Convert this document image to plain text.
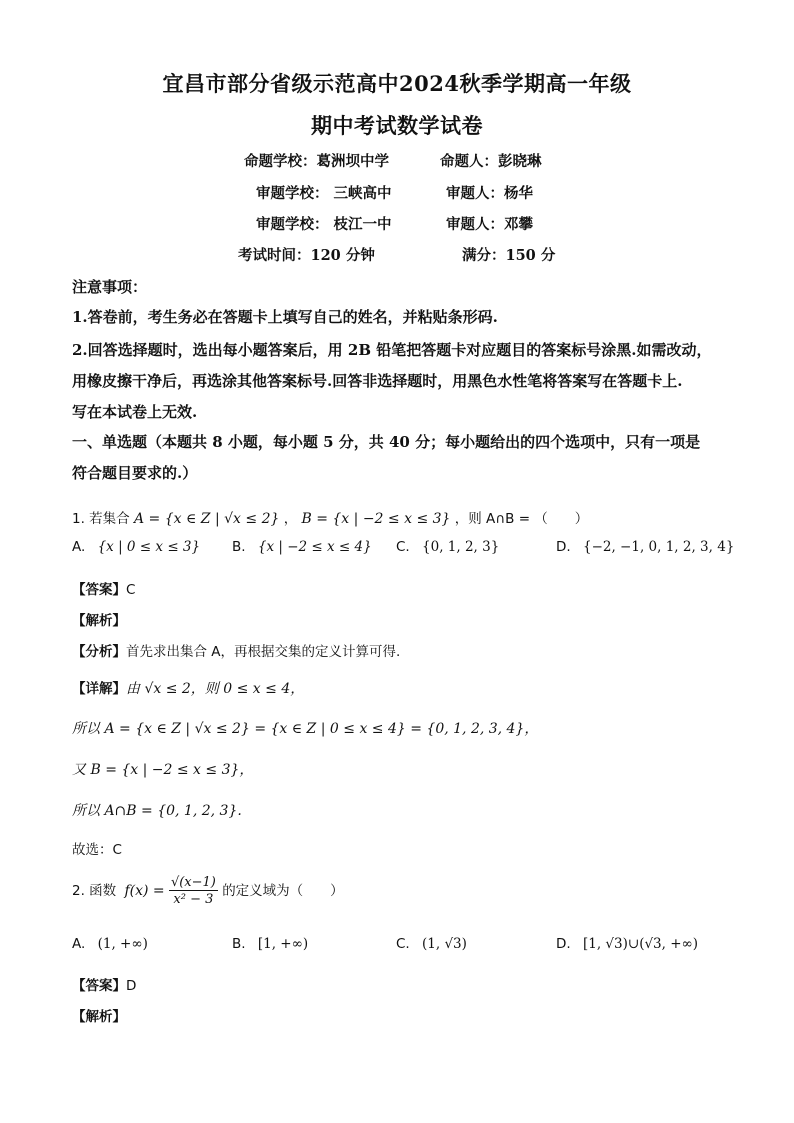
宜昌市部分省级示范高中2024秋季学期高一年级
期中考试数学试卷
命题学校：葛洲坝中学	命题人：彭晓琳
审题学校： 三峡高中	审题人：杨华
审题学校： 枝江一中	审题人：邓攀
考试时间：120 分钟	满分：150 分
注意事项：
1.答卷前，考生务必在答题卡上填写自己的姓名，并粘贴条形码.
2.回答选择题时，选出每小题答案后，用 2B 铅笔把答题卡对应题目的答案标号涂黑.如需改动，
用橡皮擦干净后，再选涂其他答案标号.回答非选择题时，用黑色水性笔将答案写在答题卡上.
写在本试卷上无效.
一、单选题（本题共 8 小题，每小题 5 分，共 40 分；每小题给出的四个选项中，只有一项是
符合题目要求的.）
1. 若集合 A = {x ∈ Z | √x ≤ 2} ， B = {x | −2 ≤ x ≤ 3} ，则 A∩B = （　　）
A. {x | 0 ≤ x ≤ 3} B. {x | −2 ≤ x ≤ 4} C. {0, 1, 2, 3}	D. {−2, −1, 0, 1, 2, 3, 4}
【答案】C
【解析】
【分析】首先求出集合 A，再根据交集的定义计算可得.
【详解】由 √x ≤ 2，则 0 ≤ x ≤ 4，
所以 A = {x ∈ Z | √x ≤ 2} = {x ∈ Z | 0 ≤ x ≤ 4} = {0, 1, 2, 3, 4}，
又 B = {x | −2 ≤ x ≤ 3}，
所以 A∩B = {0, 1, 2, 3}.
故选：C
2. 函数 $f(x) = \frac{√(x-1)}{\text{x² − 3}}$ 的定义域为（　　）
A. (1, +∞)	B. [1, +∞)	C. (1, √3)	D. [1, √3)∪(√3, +∞)
【答案】D
【解析】
